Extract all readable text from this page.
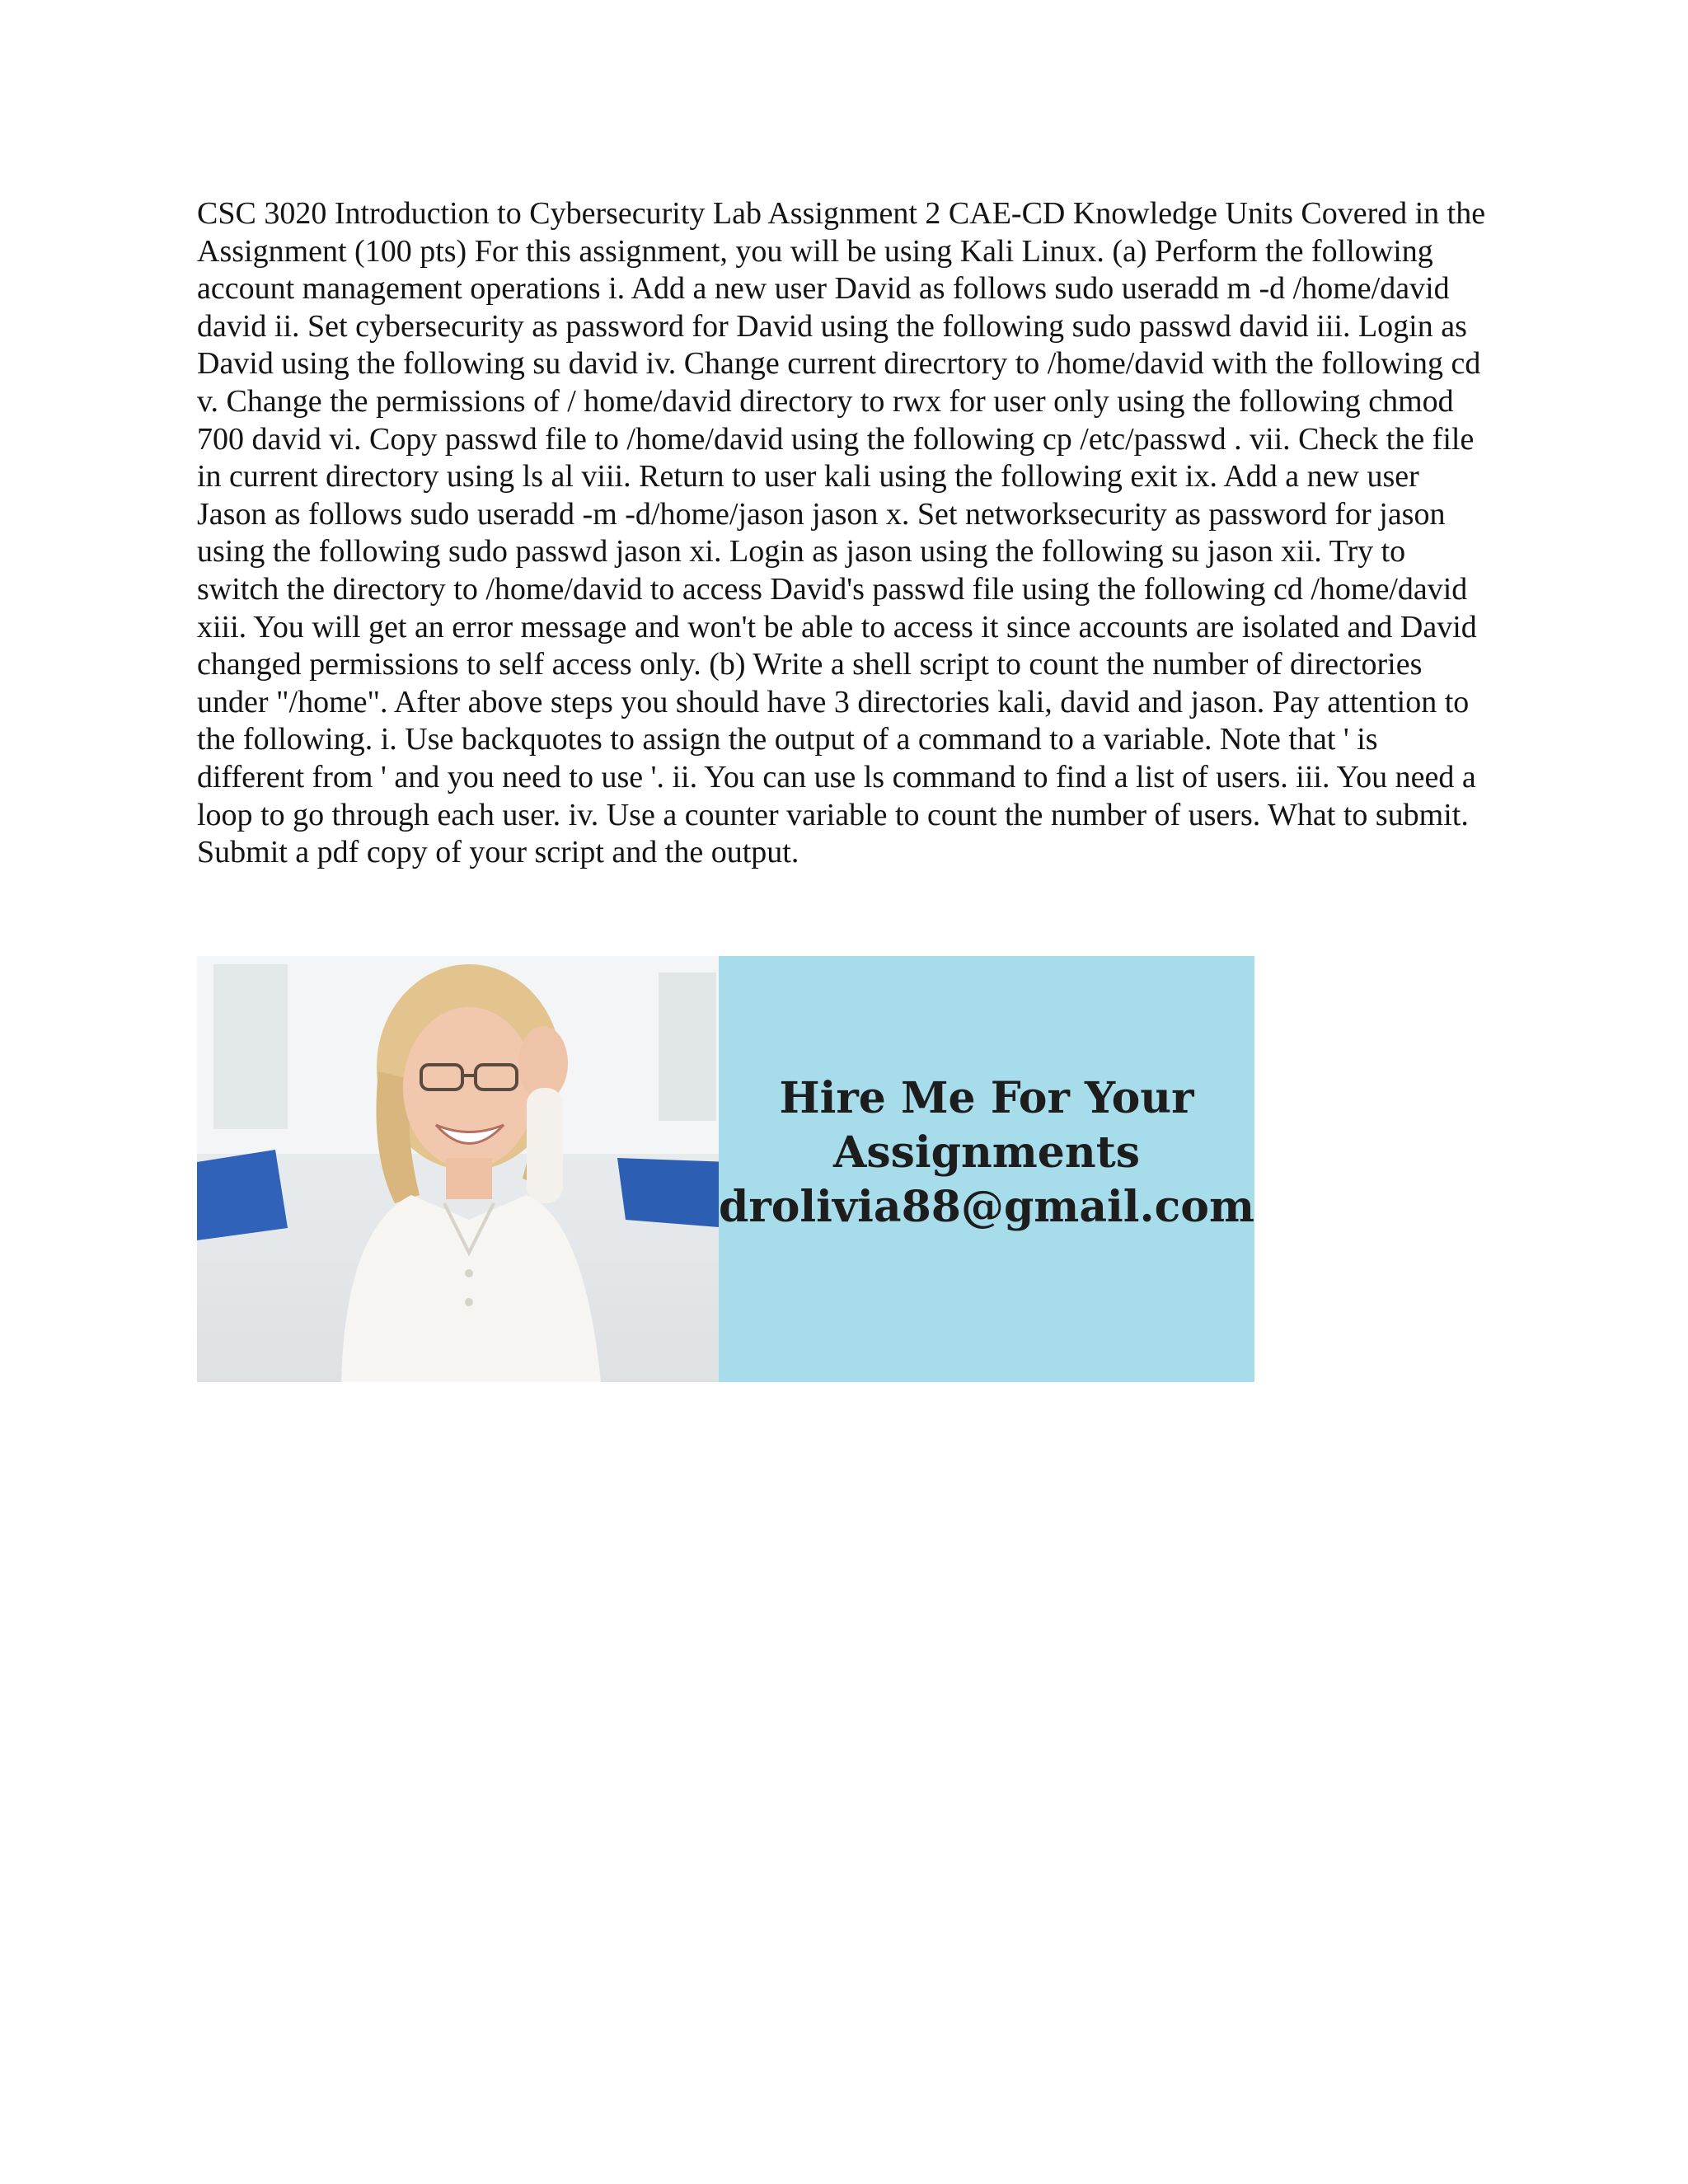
CSC 3020 Introduction to Cybersecurity Lab Assignment 2 CAE-CD Knowledge Units Covered in the Assignment (100 pts) For this assignment, you will be using Kali Linux. (a) Perform the following account management operations i. Add a new user David as follows sudo useradd m -d /home/david david ii. Set cybersecurity as password for David using the following sudo passwd david iii. Login as David using the following su david iv. Change current direcrtory to /home/david with the following cd v. Change the permissions of / home/david directory to rwx for user only using the following chmod 700 david vi. Copy passwd file to /home/david using the following cp /etc/passwd . vii. Check the file in current directory using ls al viii. Return to user kali using the following exit ix. Add a new user Jason as follows sudo useradd -m -d/home/jason jason x. Set networksecurity as password for jason using the following sudo passwd jason xi. Login as jason using the following su jason xii. Try to switch the directory to /home/david to access David's passwd file using the following cd /home/david xiii. You will get an error message and won't be able to access it since accounts are isolated and David changed permissions to self access only. (b) Write a shell script to count the number of directories under "/home". After above steps you should have 3 directories kali, david and jason. Pay attention to the following. i. Use backquotes to assign the output of a command to a variable. Note that ' is different from ' and you need to use '. ii. You can use ls command to find a list of users. iii. You need a loop to go through each user. iv. Use a counter variable to count the number of users. What to submit. Submit a pdf copy of your script and the output.

Hire Me For Your
Assignments
drolivia88@gmail.com
